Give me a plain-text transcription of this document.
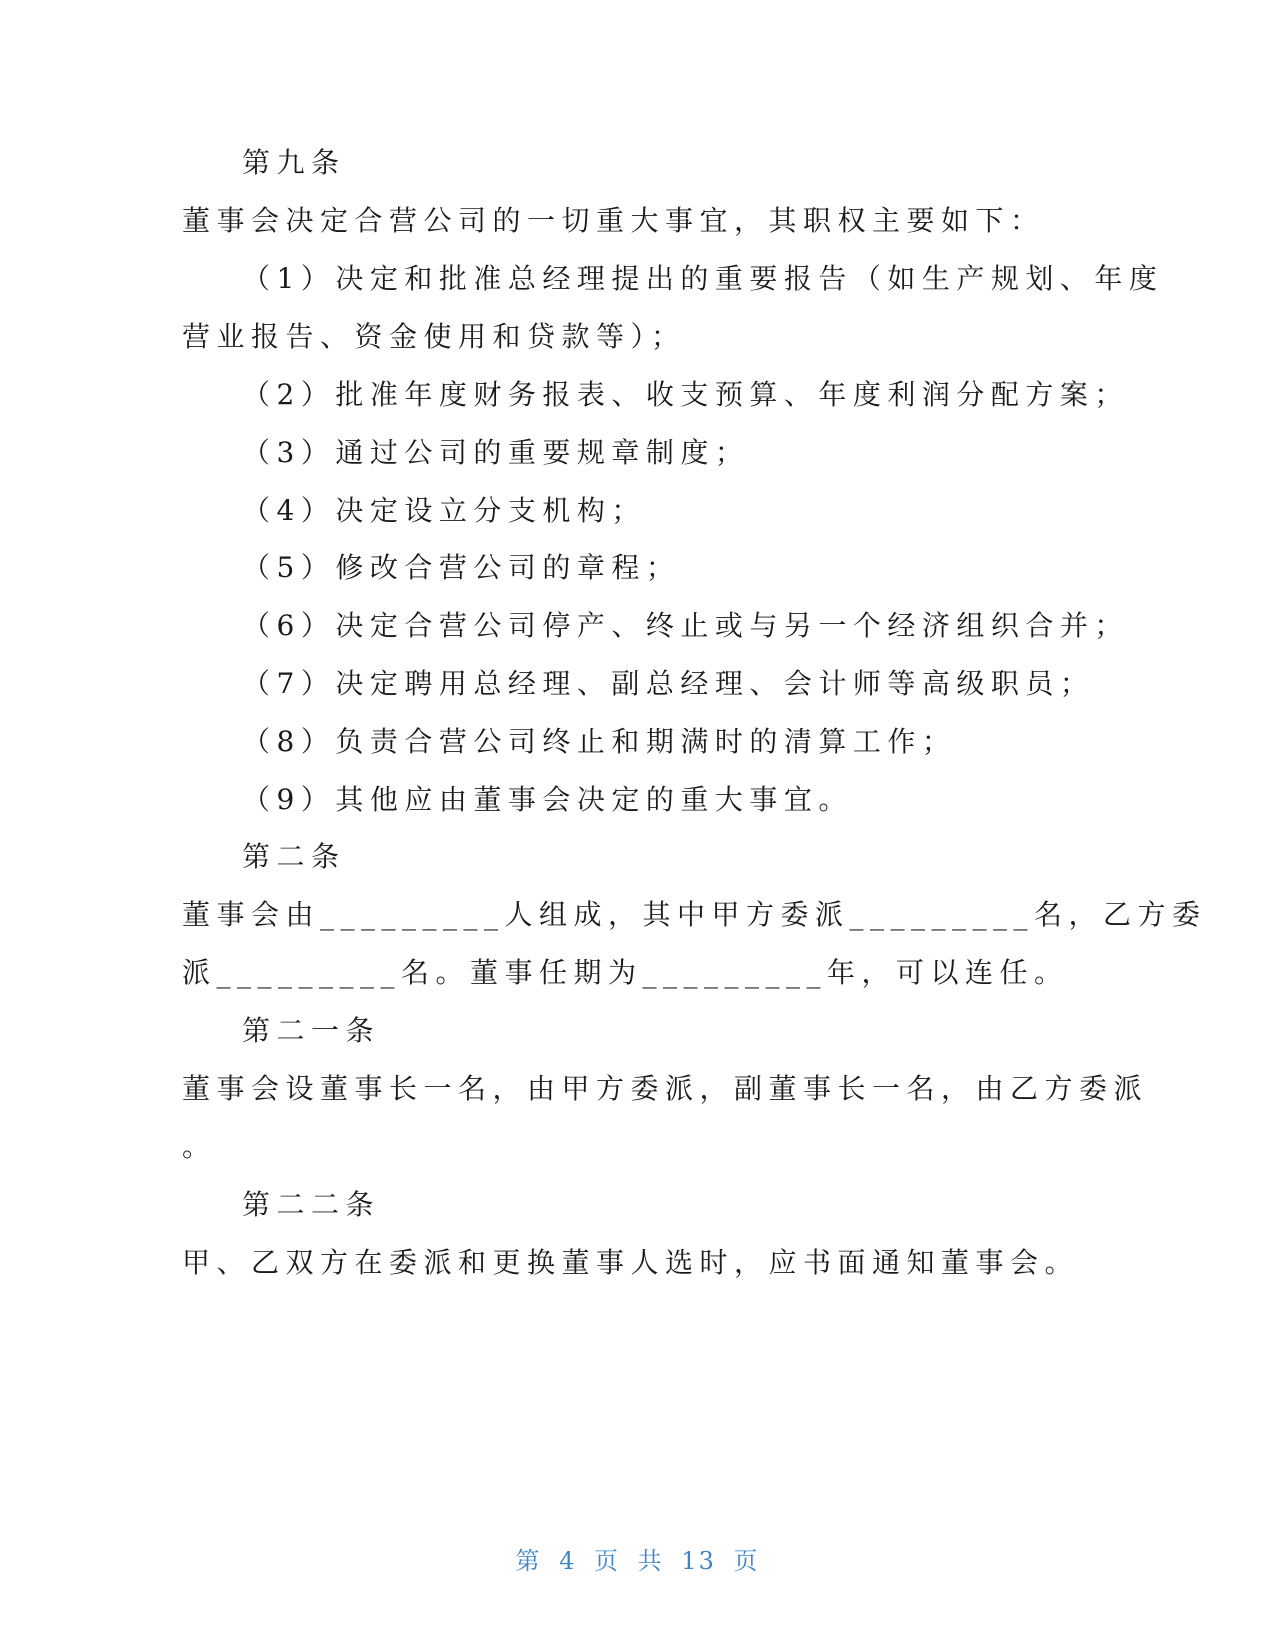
第九条
董事会决定合营公司的一切重大事宜，其职权主要如下：
（1）决定和批准总经理提出的重要报告（如生产规划、年度
营业报告、资金使用和贷款等）；
（2）批准年度财务报表、收支预算、年度利润分配方案；
（3）通过公司的重要规章制度；
（4）决定设立分支机构；
（5）修改合营公司的章程；
（6）决定合营公司停产、终止或与另一个经济组织合并；
（7）决定聘用总经理、副总经理、会计师等高级职员；
（8）负责合营公司终止和期满时的清算工作；
（9）其他应由董事会决定的重大事宜。
第二条
董事会由_________人组成，其中甲方委派_________名，乙方委
派_________名。董事任期为_________年，可以连任。
第二一条
董事会设董事长一名，由甲方委派，副董事长一名，由乙方委派
。
第二二条
甲、乙双方在委派和更换董事人选时，应书面通知董事会。
第 4 页 共 13 页
